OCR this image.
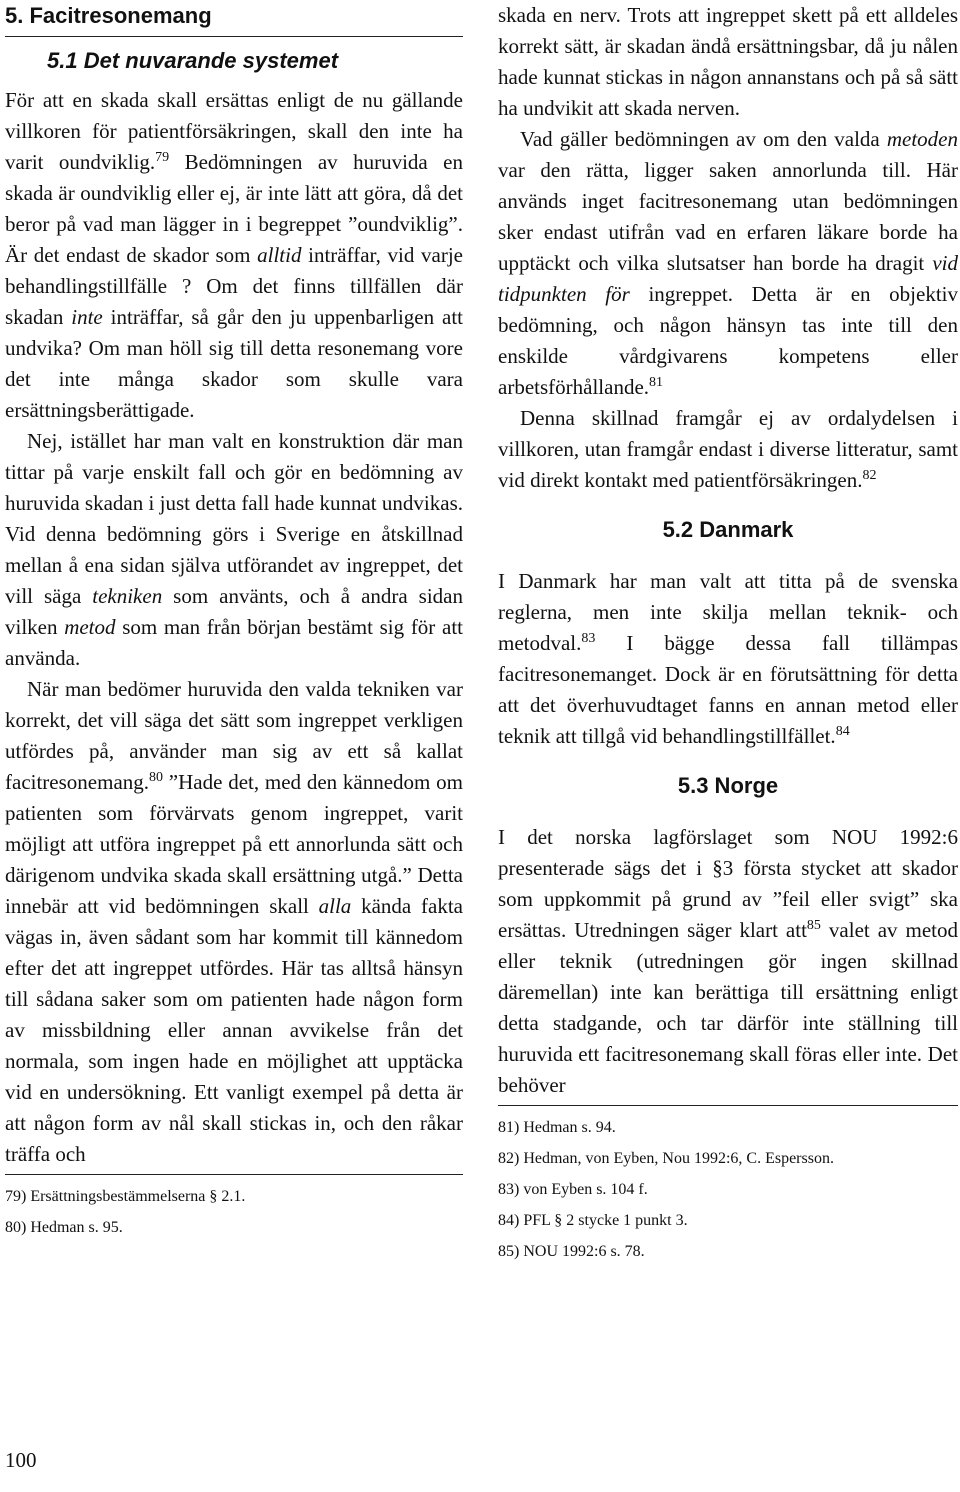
5. Facitresonemang
5.1 Det nuvarande systemet

För att en skada skall ersättas enligt de nu gällande villkoren för patientförsäkringen, skall den inte ha varit oundviklig.$^{79}$ Bedömningen av huruvida en skada är oundviklig eller ej, är inte lätt att göra, då det beror på vad man lägger in i begreppet ”oundviklig”. Är det endast de skador som alltid inträffar, vid varje behandlingstillfälle ? Om det finns tillfällen där skadan inte inträffar, så går den ju uppenbarligen att undvika? Om man höll sig till detta resonemang vore det inte många skador som skulle vara ersättningsberättigade.

Nej, istället har man valt en konstruktion där man tittar på varje enskilt fall och gör en bedömning av huruvida skadan i just detta fall hade kunnat undvikas. Vid denna bedömning görs i Sverige en åtskillnad mellan å ena sidan själva utförandet av ingreppet, det vill säga tekniken som använts, och å andra sidan vilken metod som man från början bestämt sig för att använda.

När man bedömer huruvida den valda tekniken var korrekt, det vill säga det sätt som ingreppet verkligen utfördes på, använder man sig av ett så kallat facitresonemang.$^{80}$ ”Hade det, med den kännedom om patienten som förvärvats genom ingreppet, varit möjligt att utföra ingreppet på ett annorlunda sätt och därigenom undvika skada skall ersättning utgå.” Detta innebär att vid bedömningen skall alla kända fakta vägas in, även sådant som har kommit till kännedom efter det att ingreppet utfördes. Här tas alltså hänsyn till sådana saker som om patienten hade någon form av missbildning eller annan avvikelse från det normala, som ingen hade en möjlighet att upptäcka vid en undersökning. Ett vanligt exempel på detta är att någon form av nål skall stickas in, och den råkar träffa och

79) Ersättningsbestämmelserna § 2.1.

80) Hedman s. 95.

skada en nerv. Trots att ingreppet skett på ett alldeles korrekt sätt, är skadan ändå ersättningsbar, då ju nålen hade kunnat stickas in någon annanstans och på så sätt ha undvikit att skada nerven.

Vad gäller bedömningen av om den valda metoden var den rätta, ligger saken annorlunda till. Här används inget facitresonemang utan bedömningen sker endast utifrån vad en erfaren läkare borde ha upptäckt och vilka slutsatser han borde ha dragit vid tidpunkten för ingreppet. Detta är en objektiv bedömning, och någon hänsyn tas inte till den enskilde vårdgivarens kompetens eller arbetsförhållande.$^{81}$

Denna skillnad framgår ej av ordalydelsen i villkoren, utan framgår endast i diverse litteratur, samt vid direkt kontakt med patientförsäkringen.$^{82}$

5.2 Danmark

I Danmark har man valt att titta på de svenska reglerna, men inte skilja mellan teknik- och metodval.$^{83}$ I bägge dessa fall tillämpas facitresonemanget. Dock är en förutsättning för detta att det överhuvudtaget fanns en annan metod eller teknik att tillgå vid behandlingstillfället.$^{84}$

5.3 Norge

I det norska lagförslaget som NOU 1992:6 presenterade sägs det i §3 första stycket att skador som uppkommit på grund av ”feil eller svigt” ska ersättas. Utredningen säger klart att$^{85}$ valet av metod eller teknik (utredningen gör ingen skillnad däremellan) inte kan berättiga till ersättning enligt detta stadgande, och tar därför inte ställning till huruvida ett facitresonemang skall föras eller inte. Det behöver

81) Hedman s. 94.

82) Hedman, von Eyben, Nou 1992:6, C. Espersson.

83) von Eyben s. 104 f.

84) PFL § 2 stycke 1 punkt 3.

85) NOU 1992:6 s. 78.

100
